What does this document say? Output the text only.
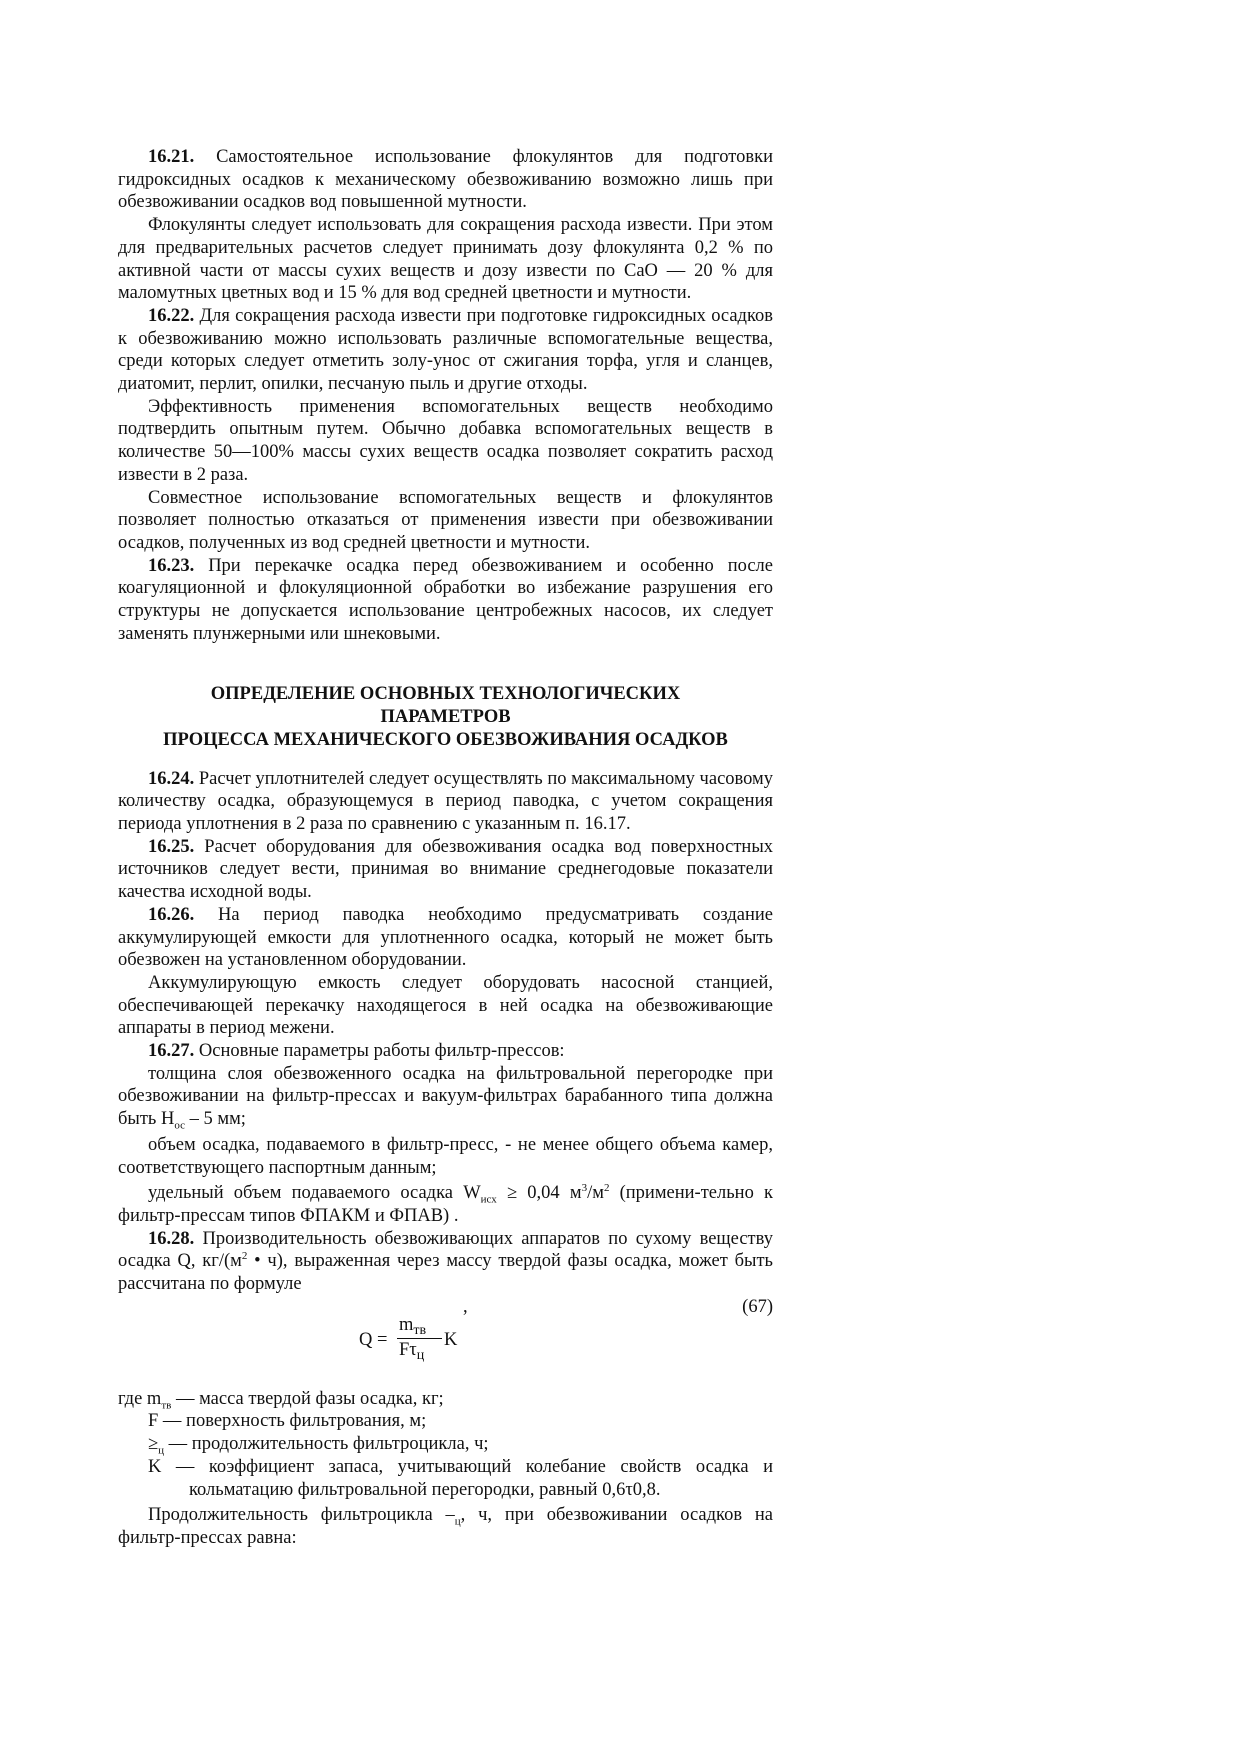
16.21. Самостоятельное использование флокулянтов для подготовки гидроксидных осадков к механическому обезвоживанию возможно лишь при обезвоживании осадков вод повышенной мутности.

Флокулянты следует использовать для сокращения расхода извести. При этом для предварительных расчетов следует принимать дозу флокулянта 0,2 % по активной части от массы сухих веществ и дозу извести по CaO — 20 % для маломутных цветных вод и 15 % для вод средней цветности и мутности.

16.22. Для сокращения расхода извести при подготовке гидроксидных осадков к обезвоживанию можно использовать различные вспомогательные вещества, среди которых следует отметить золу-унос от сжигания торфа, угля и сланцев, диатомит, перлит, опилки, песчаную пыль и другие отходы.

Эффективность применения вспомогательных веществ необходимо подтвердить опытным путем. Обычно добавка вспомогательных веществ в количестве 50—100% массы сухих веществ осадка позволяет сократить расход извести в 2 раза.

Совместное использование вспомогательных веществ и флокулянтов позволяет полностью отказаться от применения извести при обезвоживании осадков, полученных из вод средней цветности и мутности.

16.23. При перекачке осадка перед обезвоживанием и особенно после коагуляционной и флокуляционной обработки во избежание разрушения его структуры не допускается использование центробежных насосов, их следует заменять плунжерными или шнековыми.

ОПРЕДЕЛЕНИЕ ОСНОВНЫХ ТЕХНОЛОГИЧЕСКИХ
ПАРАМЕТРОВ
ПРОЦЕССА МЕХАНИЧЕСКОГО ОБЕЗВОЖИВАНИЯ ОСАДКОВ

16.24. Расчет уплотнителей следует осуществлять по максимальному часовому количеству осадка, образующемуся в период паводка, с учетом сокращения периода уплотнения в 2 раза по сравнению с указанным п. 16.17.

16.25. Расчет оборудования для обезвоживания осадка вод поверхностных источников следует вести, принимая во внимание среднегодовые показатели качества исходной воды.

16.26. На период паводка необходимо предусматривать создание аккумулирующей емкости для уплотненного осадка, который не может быть обезвожен на установленном оборудовании.

Аккумулирующую емкость следует оборудовать насосной станцией, обеспечивающей перекачку находящегося в ней осадка на обезвоживающие аппараты в период межени.

16.27. Основные параметры работы фильтр-прессов:

толщина слоя обезвоженного осадка на фильтровальной перегородке при обезвоживании на фильтр-прессах и вакуум-фильтрах барабанного типа должна быть $H_{ос} - 5$ мм;

объем осадка, подаваемого в фильтр-пресс, - не менее общего объема камер, соответствующего паспортным данным;

удельный объем подаваемого осадка $W_{исх} \ge 0,04$ $м^3/м^2$ (примени-тельно к фильтр-прессам типов ФПАКМ и ФПАВ) .

16.28. Производительность обезвоживающих аппаратов по сухому веществу осадка Q, $кг/(м^2$ • ч), выраженная через массу твердой фазы осадка, может быть рассчитана по формуле

,	(67)
Q =
$m_{тв}$
$F\tau_ц$
K

где $m_{тв}$ — масса твердой фазы осадка, кг;

F — поверхность фильтрования, м;

$\ge_ц$ — продолжительность фильтроцикла, ч;

K — коэффициент запаса, учитывающий колебание свойств осадка и кольматацию фильтровальной перегородки, равный 0,6τ0,8.

Продолжительность фильтроцикла $-_ц$, ч, при обезвоживании осадков на фильтр-прессах равна:
